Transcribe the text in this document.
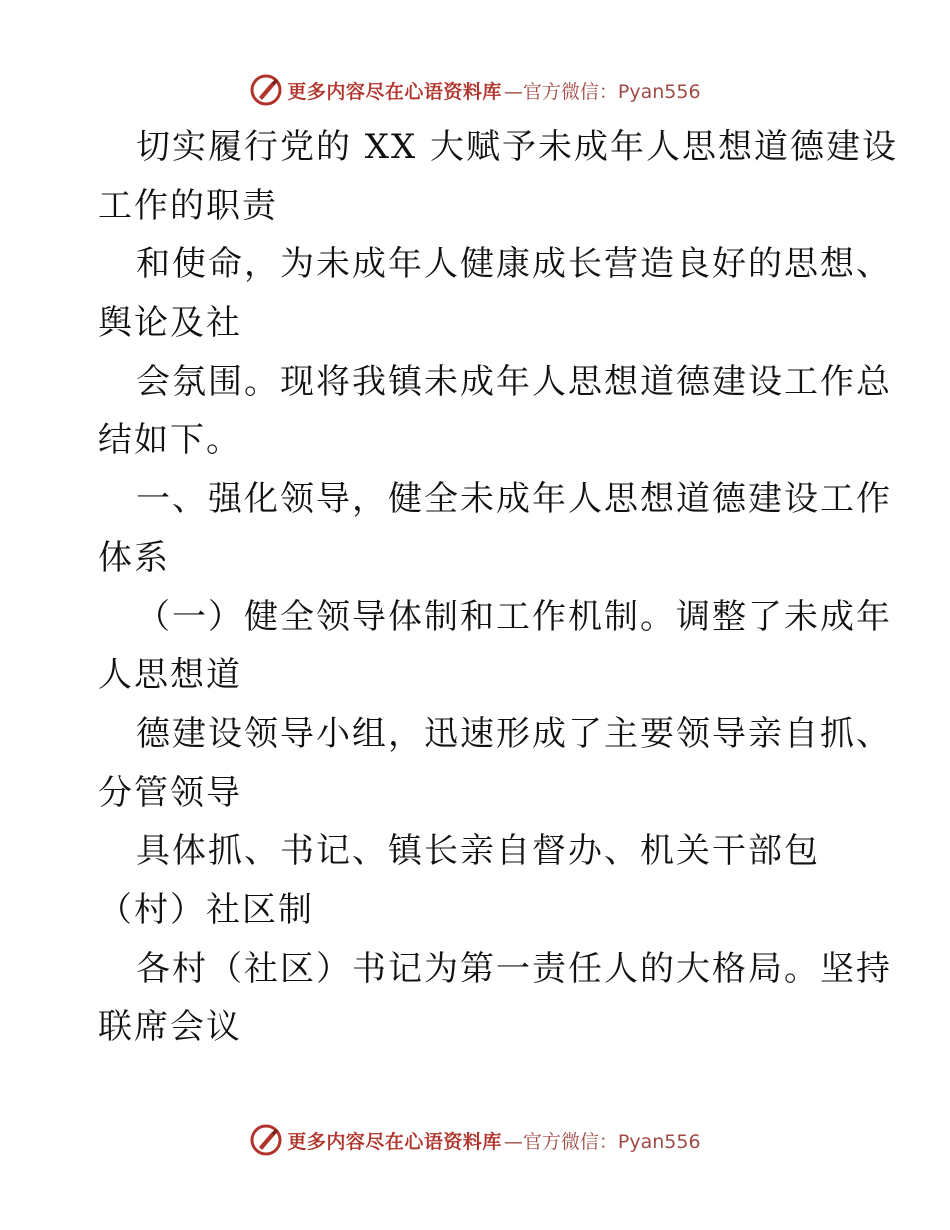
更多内容尽在心语资料库 —官方微信：Pyan556
切实履行党的 XX 大赋予未成年人思想道德建设
工作的职责
和使命，为未成年人健康成长营造良好的思想、
舆论及社
会氛围。现将我镇未成年人思想道德建设工作总
结如下。
一、强化领导，健全未成年人思想道德建设工作
体系
（一）健全领导体制和工作机制。调整了未成年
人思想道
德建设领导小组，迅速形成了主要领导亲自抓、
分管领导
具体抓、书记、镇长亲自督办、机关干部包
（村）社区制
各村（社区）书记为第一责任人的大格局。坚持
联席会议
更多内容尽在心语资料库 —官方微信：Pyan556
